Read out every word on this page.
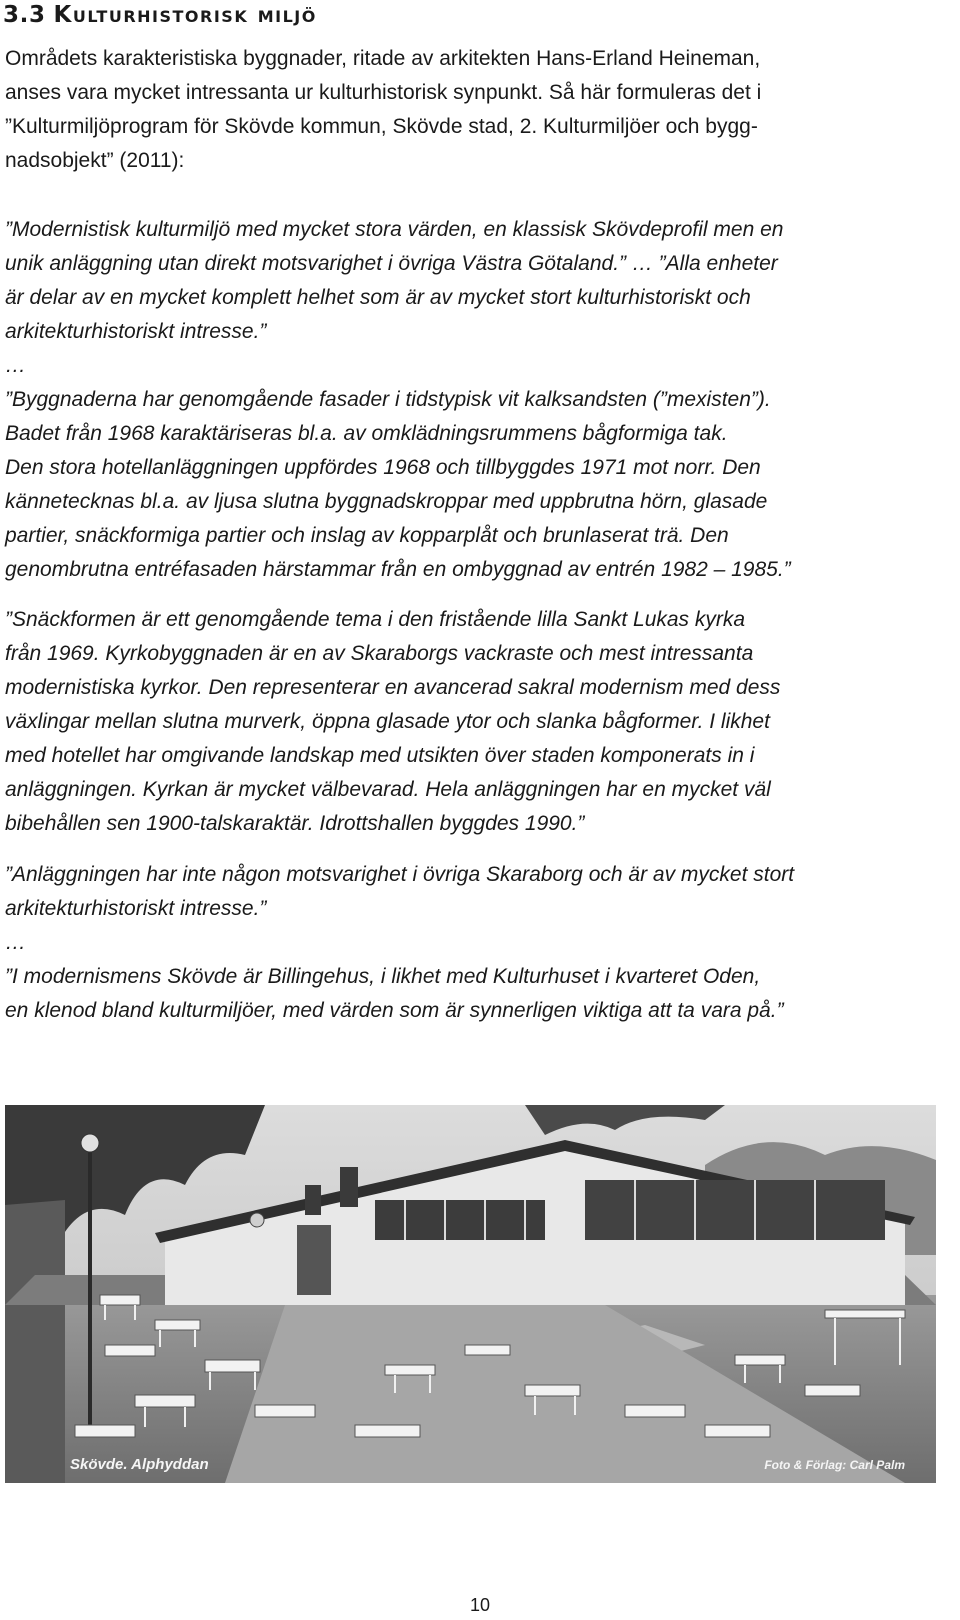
3.3 Kulturhistorisk miljö

Områdets karakteristiska byggnader, ritade av arkitekten Hans-Erland Heineman,
anses vara mycket intressanta ur kulturhistorisk synpunkt. Så här formuleras det i
”Kulturmiljöprogram för Skövde kommun, Skövde stad, 2. Kulturmiljöer och bygg-
nadsobjekt” (2011):

”Modernistisk kulturmiljö med mycket stora värden, en klassisk Skövdeprofil men en
unik anläggning utan direkt motsvarighet i övriga Västra Götaland.” … ”Alla enheter
är delar av en mycket komplett helhet som är av mycket stort kulturhistoriskt och
arkitekturhistoriskt intresse.”
…
”Byggnaderna har genomgående fasader i tidstypisk vit kalksandsten (”mexisten”).
Badet från 1968 karaktäriseras bl.a. av omklädningsrummens bågformiga tak.
Den stora hotellanläggningen uppfördes 1968 och tillbyggdes 1971 mot norr. Den
kännetecknas bl.a. av ljusa slutna byggnadskroppar med uppbrutna hörn, glasade
partier, snäckformiga partier och inslag av kopparplåt och brunlaserat trä. Den
genombrutna entréfasaden härstammar från en ombyggnad av entrén 1982 – 1985.”

”Snäckformen är ett genomgående tema i den fristående lilla Sankt Lukas kyrka
från 1969. Kyrkobyggnaden är en av Skaraborgs vackraste och mest intressanta
modernistiska kyrkor. Den representerar en avancerad sakral modernism med dess
växlingar mellan slutna murverk, öppna glasade ytor och slanka bågformer. I likhet
med hotellet har omgivande landskap med utsikten över staden komponerats in i
anläggningen. Kyrkan är mycket välbevarad. Hela anläggningen har en mycket väl
bibehållen sen 1900-talskaraktär. Idrottshallen byggdes 1990.”

”Anläggningen har inte någon motsvarighet i övriga Skaraborg och är av mycket stort
arkitekturhistoriskt intresse.”
…
”I modernismens Skövde är Billingehus, i likhet med Kulturhuset i kvarteret Oden,
en klenod bland kulturmiljöer, med värden som är synnerligen viktiga att ta vara på.”

Skövde. Alphyddan	Foto & Förlag: Carl Palm
10
